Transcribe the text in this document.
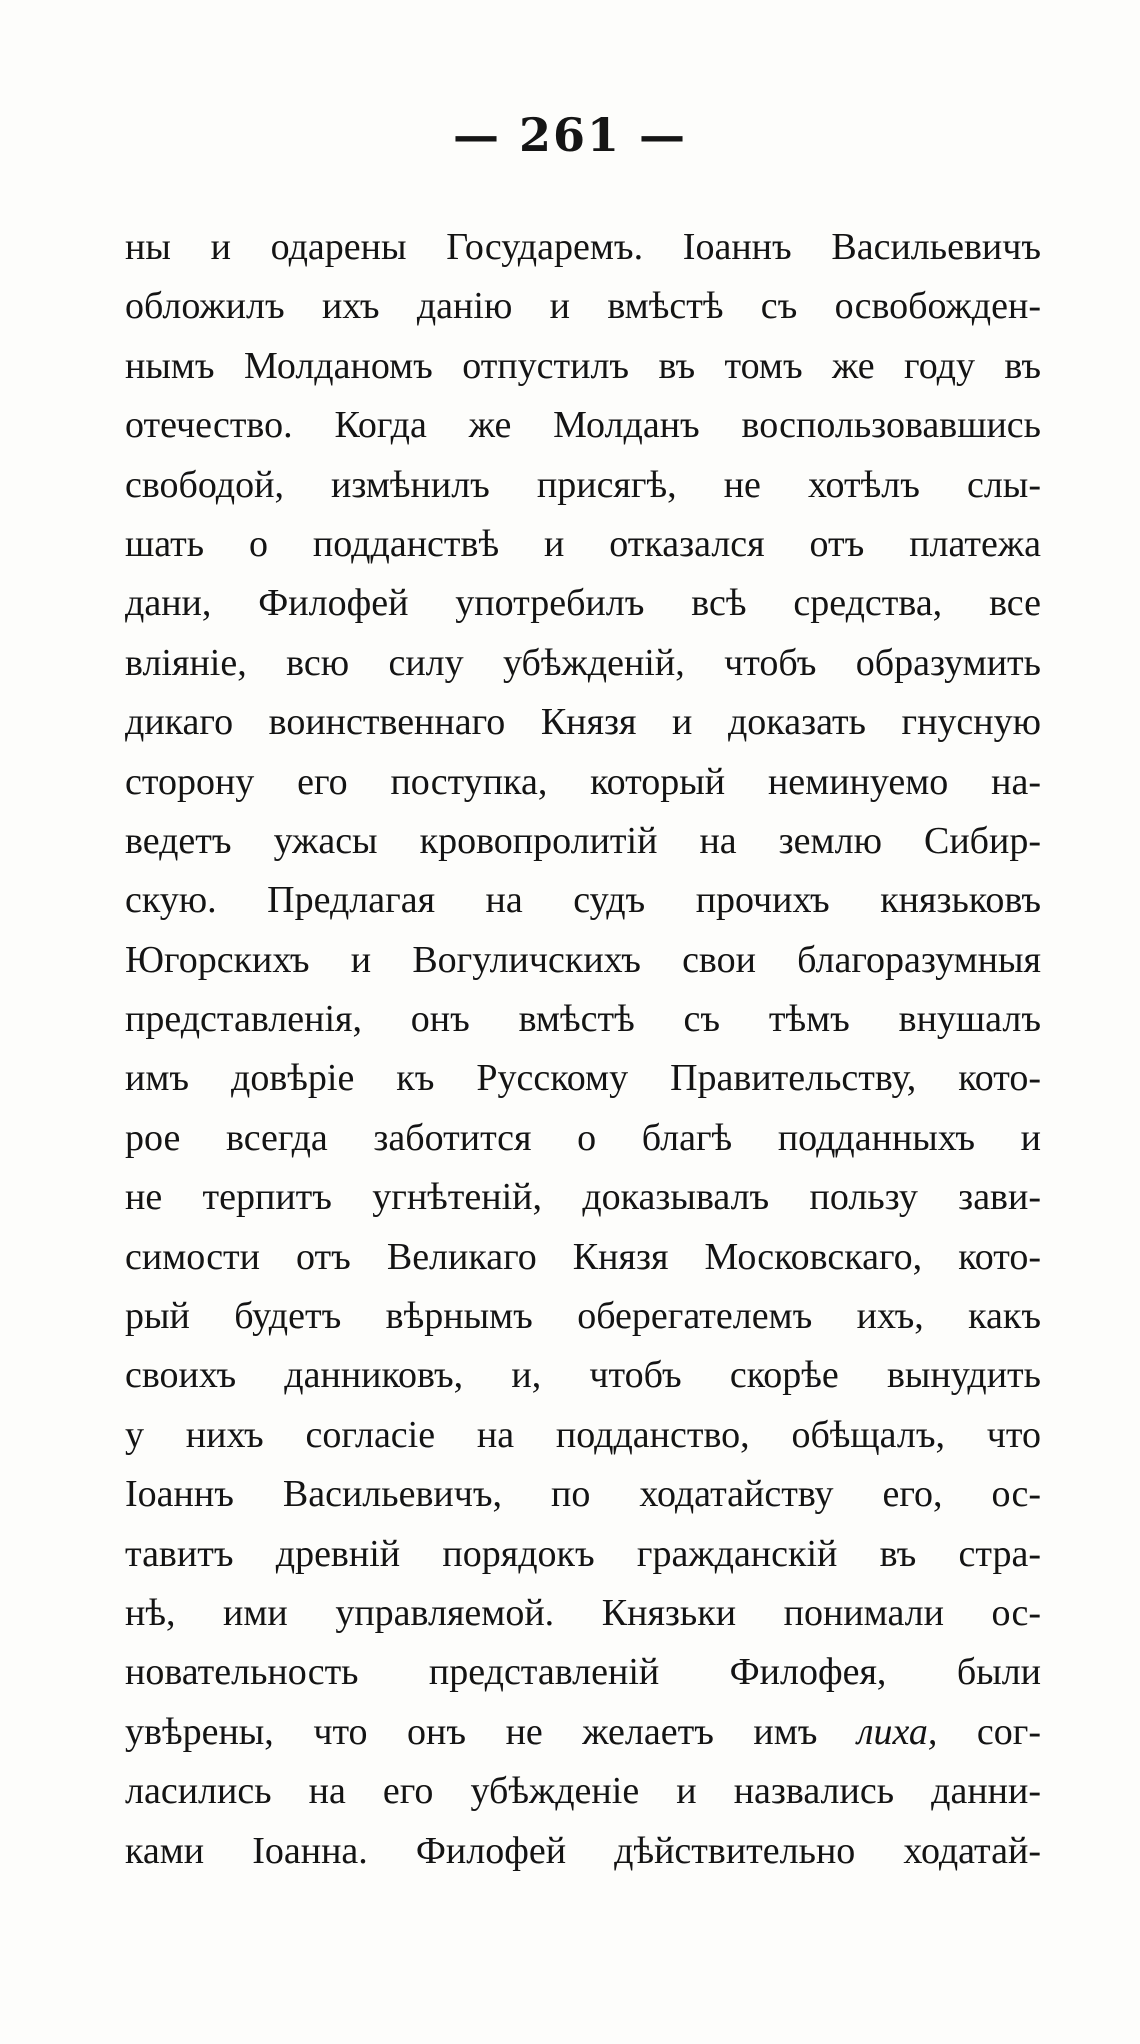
— 261 —
ны и одарены Государемъ. Іоаннъ Васильевичъ
обложилъ ихъ данію и вмѣстѣ съ освобожден-
нымъ Молданомъ отпустилъ въ томъ же году въ
отечество. Когда же Молданъ воспользовавшись
свободой, измѣнилъ присягѣ, не хотѣлъ слы-
шать о подданствѣ и отказался отъ платежа
дани, Филофей употребилъ всѣ средства, все
вліяніе, всю силу убѣжденій, чтобъ образумить
дикаго воинственнаго Князя и доказать гнусную
сторону его поступка, который неминуемо на-
ведетъ ужасы кровопролитій на землю Сибир-
скую. Предлагая на судъ прочихъ князьковъ
Югорскихъ и Вогуличскихъ свои благоразумныя
представленія, онъ вмѣстѣ съ тѣмъ внушалъ
имъ довѣріе къ Русскому Правительству, кото-
рое всегда заботится о благѣ подданныхъ и
не терпитъ угнѣтеній, доказывалъ пользу зави-
симости отъ Великаго Князя Московскаго, кото-
рый будетъ вѣрнымъ оберегателемъ ихъ, какъ
своихъ данниковъ, и, чтобъ скорѣе вынудить
у нихъ согласіе на подданство, обѣщалъ, что
Іоаннъ Васильевичъ, по ходатайству его, ос-
тавитъ древній порядокъ гражданскій въ стра-
нѣ, ими управляемой. Князьки понимали ос-
новательность представленій Филофея, были
увѣрены, что онъ не желаетъ имъ лиха, сог-
ласились на его убѣжденіе и назвались данни-
ками Іоанна. Филофей дѣйствительно ходатай-
